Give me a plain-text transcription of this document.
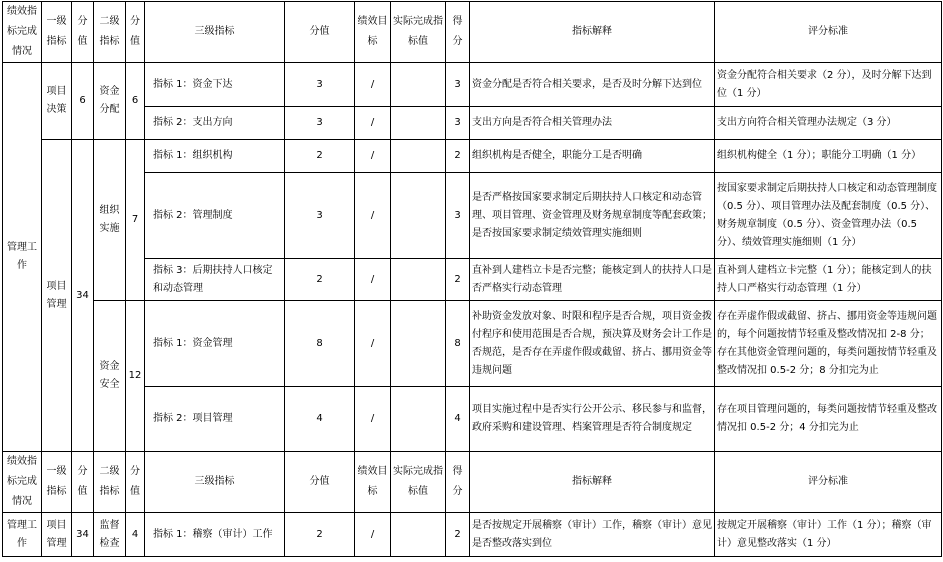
绩效指标完成情况	一级指标	分值	二级指标	分值	三级指标	分值	绩效目标	实际完成指标值	得分	指标解释	评分标准
管理工作	项目决策	6	资金分配	6	指标 1：资金下达	3	/		3	资金分配是否符合相关要求，是否及时分解下达到位	资金分配符合相关要求（2 分），及时分解下达到位（1 分）
					指标 2：支出方向	3	/		3	支出方向是否符合相关管理办法	支出方向符合相关管理办法规定（3 分）
	项目管理	34	组织实施	7	指标 1：组织机构	2	/		2	组织机构是否健全，职能分工是否明确	组织机构健全（1 分）；职能分工明确（1 分）
					指标 2：管理制度	3	/		3	是否严格按国家要求制定后期扶持人口核定和动态管理、项目管理、资金管理及财务规章制度等配套政策；是否按国家要求制定绩效管理实施细则	按国家要求制定后期扶持人口核定和动态管理制度（0.5 分）、项目管理办法及配套制度（0.5 分）、财务规章制度（0.5 分）、资金管理办法（0.5 分）、绩效管理实施细则（1 分）
					指标 3：后期扶持人口核定和动态管理	2	/		2	直补到人建档立卡是否完整；能核定到人的扶持人口是否严格实行动态管理	直补到人建档立卡完整（1 分）；能核定到人的扶持人口严格实行动态管理（1 分）
			资金安全	12	指标 1：资金管理	8	/		8	补助资金发放对象、时限和程序是否合规，项目资金拨付程序和使用范围是否合规，预决算及财务会计工作是否规范，是否存在弄虚作假或截留、挤占、挪用资金等违规问题	存在弄虚作假或截留、挤占、挪用资金等违规问题的，每个问题按情节轻重及整改情况扣 2-8 分；存在其他资金管理问题的，每类问题按情节轻重及整改情况扣 0.5-2 分；8 分扣完为止
					指标 2：项目管理	4	/		4	项目实施过程中是否实行公开公示、移民参与和监督，政府采购和建设管理、档案管理是否符合制度规定	存在项目管理问题的，每类问题按情节轻重及整改情况扣 0.5-2 分；4 分扣完为止
绩效指标完成情况	一级指标	分值	二级指标	分值	三级指标	分值	绩效目标	实际完成指标值	得分	指标解释	评分标准
管理工作	项目管理	34	监督检查	4	指标 1：稽察（审计）工作	2	/		2	是否按规定开展稽察（审计）工作，稽察（审计）意见是否整改落实到位	按规定开展稽察（审计）工作（1 分）；稽察（审计）意见整改落实（1 分）
